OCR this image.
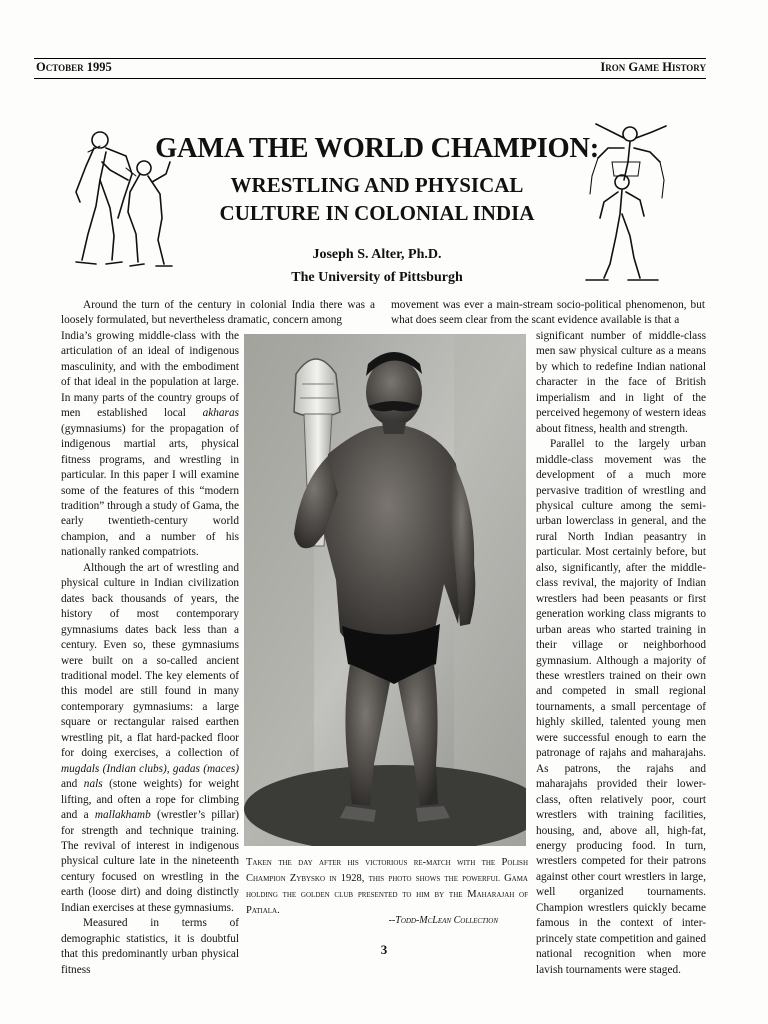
October 1995	Iron Game History
GAMA THE WORLD CHAMPION:
WRESTLING AND PHYSICAL
CULTURE IN COLONIAL INDIA
Joseph S. Alter, Ph.D.
The University of Pittsburgh

Around the turn of the century in colonial India there was a loosely formulated, but nevertheless dramatic, concern among

India’s growing middle-class with the articulation of an ideal of indigenous masculinity, and with the embodiment of that ideal in the population at large. In many parts of the country groups of men established local akharas (gymnasiums) for the propagation of indigenous martial arts, physical fitness programs, and wrestling in particular. In this paper I will examine some of the features of this “modern tradition” through a study of Gama, the early twentieth-century world champion, and a number of his nationally ranked compatriots.

Although the art of wrestling and physical culture in Indian civilization dates back thousands of years, the history of most contemporary gymnasiums dates back less than a century. Even so, these gymnasiums were built on a so-called ancient traditional model. The key elements of this model are still found in many contemporary gymnasiums: a large square or rectangular raised earthen wrestling pit, a flat hard-packed floor for doing exercises, a collection of mugdals (Indian clubs), gadas (maces) and nals (stone weights) for weight lifting, and often a rope for climbing and a mallakhamb (wrestler’s pillar) for strength and technique training. The revival of interest in indigenous physical culture late in the nineteenth century focused on wrestling in the earth (loose dirt) and doing distinctly Indian exercises at these gymnasiums.

Measured in terms of demographic statistics, it is doubtful that this predominantly urban physical fitness

movement was ever a main-stream socio-political phenomenon, but what does seem clear from the scant evidence available is that a

significant number of middle-class men saw physical culture as a means by which to redefine Indian national character in the face of British imperialism and in light of the perceived hegemony of western ideas about fitness, health and strength.

Parallel to the largely urban middle-class movement was the development of a much more pervasive tradition of wrestling and physical culture among the semi-urban lowerclass in general, and the rural North Indian peasantry in particular. Most certainly before, but also, significantly, after the middle-class revival, the majority of Indian wrestlers had been peasants or first generation working class migrants to urban areas who started training in their village or neighborhood gymnasium. Although a majority of these wrestlers trained on their own and competed in small regional tournaments, a small percentage of highly skilled, talented young men were successful enough to earn the patronage of rajahs and maharajahs. As patrons, the rajahs and maharajahs provided their lower-class, often relatively poor, court wrestlers with training facilities, housing, and, above all, high-fat, energy producing food. In turn, wrestlers competed for their patrons against other court wrestlers in large, well organized tournaments. Champion wrestlers quickly became famous in the context of inter-princely state competition and gained national recognition when more lavish tournaments were staged.

Taken the day after his victorious re-match with the Polish Champion Zybysko in 1928, this photo shows the powerful Gama holding the golden club presented to him by the Maharajah of Patiala.
--Todd-McLean Collection
3
